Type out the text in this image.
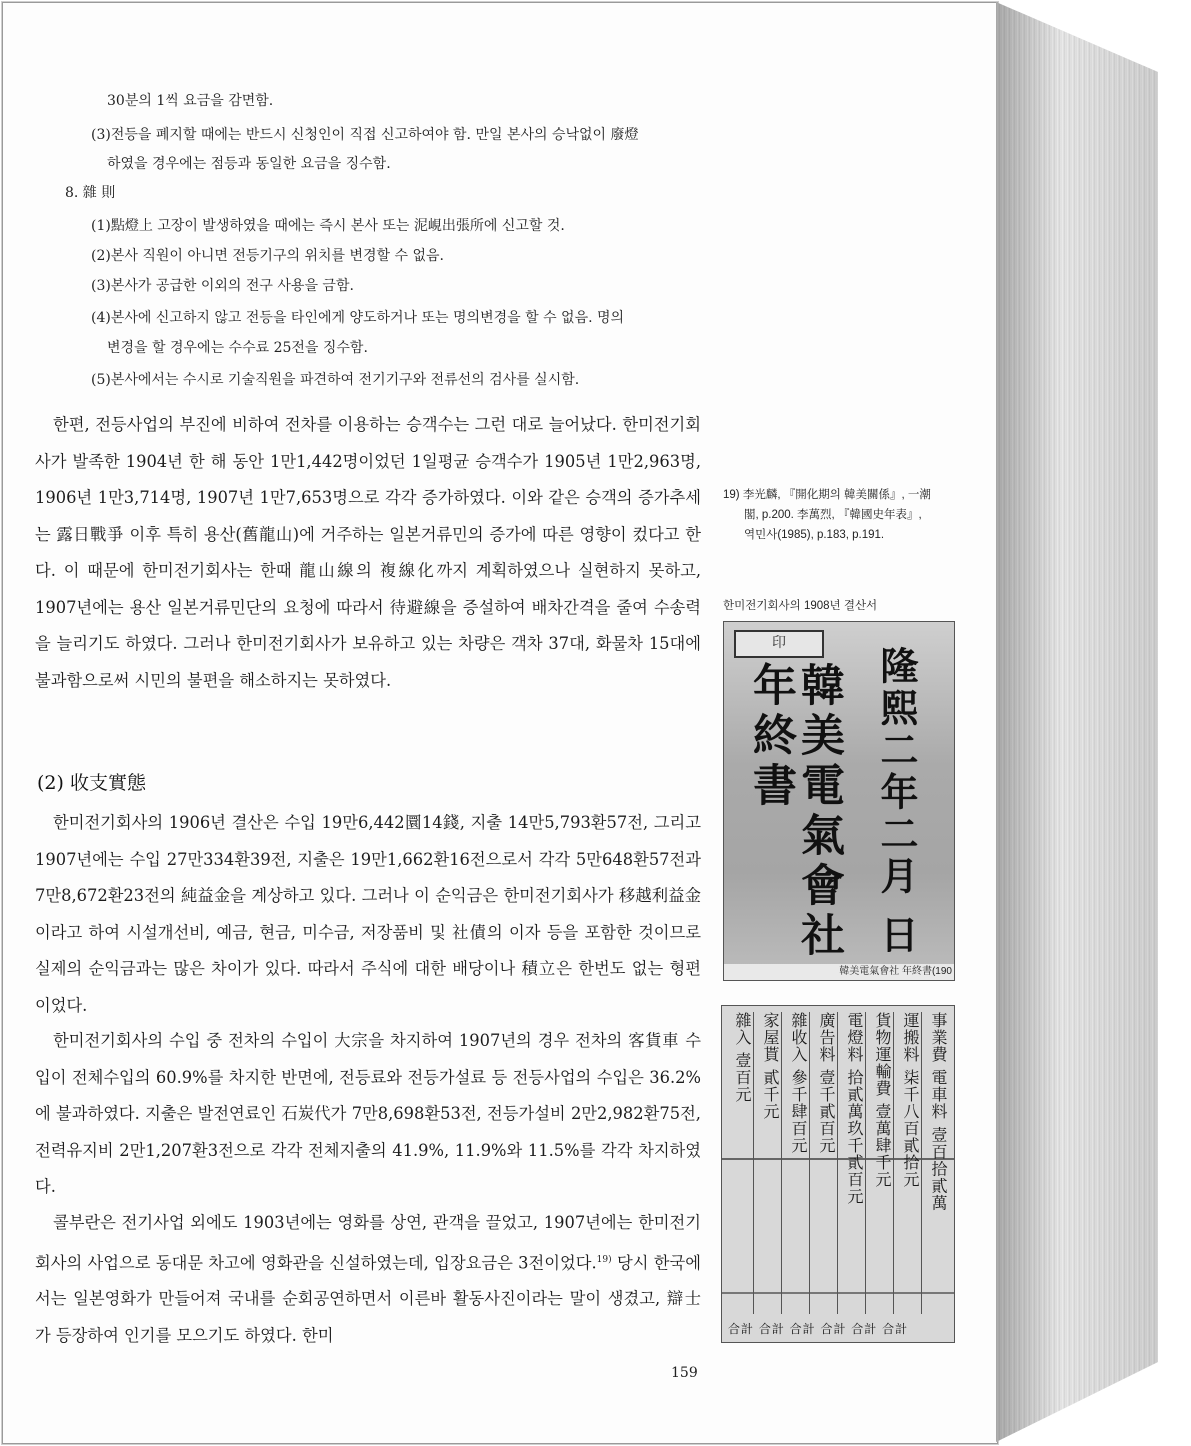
30분의 1씩 요금을 감면함.
(3)전등을 폐지할 때에는 반드시 신청인이 직접 신고하여야 함. 만일 본사의 승낙없이 廢燈
하였을 경우에는 점등과 동일한 요금을 징수함.
8. 雜 則
(1)點燈上 고장이 발생하였을 때에는 즉시 본사 또는 泥峴出張所에 신고할 것.
(2)본사 직원이 아니면 전등기구의 위치를 변경할 수 없음.
(3)본사가 공급한 이외의 전구 사용을 금함.
(4)본사에 신고하지 않고 전등을 타인에게 양도하거나 또는 명의변경을 할 수 없음. 명의
변경을 할 경우에는 수수료 25전을 징수함.
(5)본사에서는 수시로 기술직원을 파견하여 전기기구와 전류선의 검사를 실시함.
한편, 전등사업의 부진에 비하여 전차를 이용하는 승객수는 그런 대로 늘어났다. 한미전기회사가 발족한 1904년 한 해 동안 1만1,442명이었던 1일평균 승객수가 1905년 1만2,963명, 1906년 1만3,714명, 1907년 1만7,653명으로 각각 증가하였다. 이와 같은 승객의 증가추세는 露日戰爭 이후 특히 용산(舊龍山)에 거주하는 일본거류민의 증가에 따른 영향이 컸다고 한다. 이 때문에 한미전기회사는 한때 龍山線의 複線化까지 계획하였으나 실현하지 못하고, 1907년에는 용산 일본거류민단의 요청에 따라서 待避線을 증설하여 배차간격을 줄여 수송력을 늘리기도 하였다. 그러나 한미전기회사가 보유하고 있는 차량은 객차 37대, 화물차 15대에 불과함으로써 시민의 불편을 해소하지는 못하였다.
(2) 收支實態
한미전기회사의 1906년 결산은 수입 19만6,442圜14錢, 지출 14만5,793환57전, 그리고 1907년에는 수입 27만334환39전, 지출은 19만1,662환16전으로서 각각 5만648환57전과 7만8,672환23전의 純益金을 계상하고 있다. 그러나 이 순익금은 한미전기회사가 移越利益金이라고 하여 시설개선비, 예금, 현금, 미수금, 저장품비 및 社債의 이자 등을 포함한 것이므로 실제의 순익금과는 많은 차이가 있다. 따라서 주식에 대한 배당이나 積立은 한번도 없는 형편이었다.
한미전기회사의 수입 중 전차의 수입이 大宗을 차지하여 1907년의 경우 전차의 客貨車 수입이 전체수입의 60.9%를 차지한 반면에, 전등료와 전등가설료 등 전등사업의 수입은 36.2%에 불과하였다. 지출은 발전연료인 石炭代가 7만8,698환53전, 전등가설비 2만2,982환75전, 전력유지비 2만1,207환3전으로 각각 전체지출의 41.9%, 11.9%와 11.5%를 각각 차지하였다.
콜부란은 전기사업 외에도 1903년에는 영화를 상연, 관객을 끌었고, 1907년에는 한미전기회사의 사업으로 동대문 차고에 영화관을 신설하였는데, 입장요금은 3전이었다.$^{19)}$ 당시 한국에서는 일본영화가 만들어져 국내를 순회공연하면서 이른바 활동사진이라는 말이 생겼고, 辯士가 등장하여 인기를 모으기도 하였다. 한미
19) 李光麟, 『開化期의 韓美關係』, 一潮
閣, p.200. 李萬烈, 『韓國史年表』,
역민사(1985), p.183, p.191.
한미전기회사의 1908년 결산서
印
韓美電氣會社年終書	隆熙二年二月 日
韓美電氣會社 年終書(190
事業費 電車料 壹百拾貳萬
運搬料 柒千八百貳拾元
貨物運輸費 壹萬肆千元
電燈料 拾貳萬玖千貳百元
廣告料 壹千貳百元
雜收入 參千肆百元
家屋貰 貳千元
雜入 壹百元
合計 合計 合計 合計 合計 合計
159
